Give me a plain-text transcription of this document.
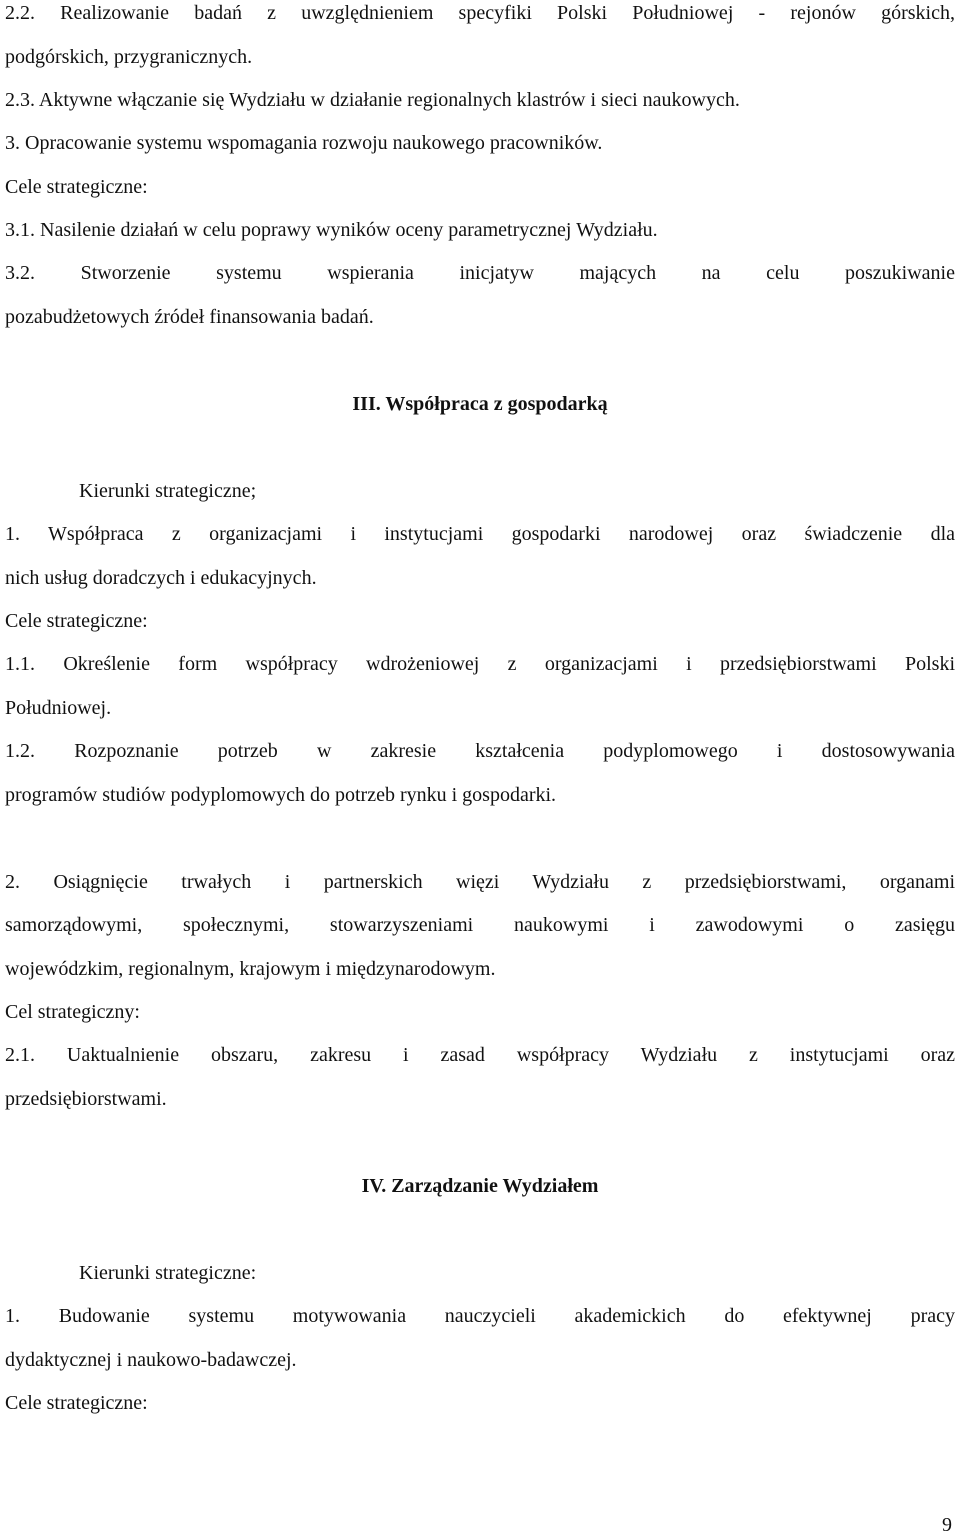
2.2. Realizowanie badań z uwzględnieniem specyfiki Polski Południowej - rejonów górskich,
podgórskich, przygranicznych.
2.3. Aktywne włączanie się Wydziału w działanie regionalnych klastrów i sieci naukowych.
3. Opracowanie systemu wspomagania rozwoju naukowego pracowników.
Cele strategiczne:
3.1. Nasilenie działań w celu poprawy wyników oceny parametrycznej Wydziału.
3.2. Stworzenie systemu wspierania inicjatyw mających na celu poszukiwanie
pozabudżetowych źródeł finansowania badań.
III. Współpraca z gospodarką
Kierunki strategiczne;
1. Współpraca z organizacjami i instytucjami gospodarki narodowej oraz świadczenie dla
nich usług doradczych i edukacyjnych.
Cele strategiczne:
1.1. Określenie form współpracy wdrożeniowej z organizacjami i przedsiębiorstwami Polski
Południowej.
1.2. Rozpoznanie potrzeb w zakresie kształcenia podyplomowego i dostosowywania
programów studiów podyplomowych do potrzeb rynku i gospodarki.
2. Osiągnięcie trwałych i partnerskich więzi Wydziału z przedsiębiorstwami, organami
samorządowymi, społecznymi, stowarzyszeniami naukowymi i zawodowymi o zasięgu
wojewódzkim, regionalnym, krajowym i międzynarodowym.
Cel strategiczny:
2.1. Uaktualnienie obszaru, zakresu i zasad współpracy Wydziału z instytucjami oraz
przedsiębiorstwami.
IV. Zarządzanie Wydziałem
Kierunki strategiczne:
1. Budowanie systemu motywowania nauczycieli akademickich do efektywnej pracy
dydaktycznej i naukowo-badawczej.
Cele strategiczne:
9
